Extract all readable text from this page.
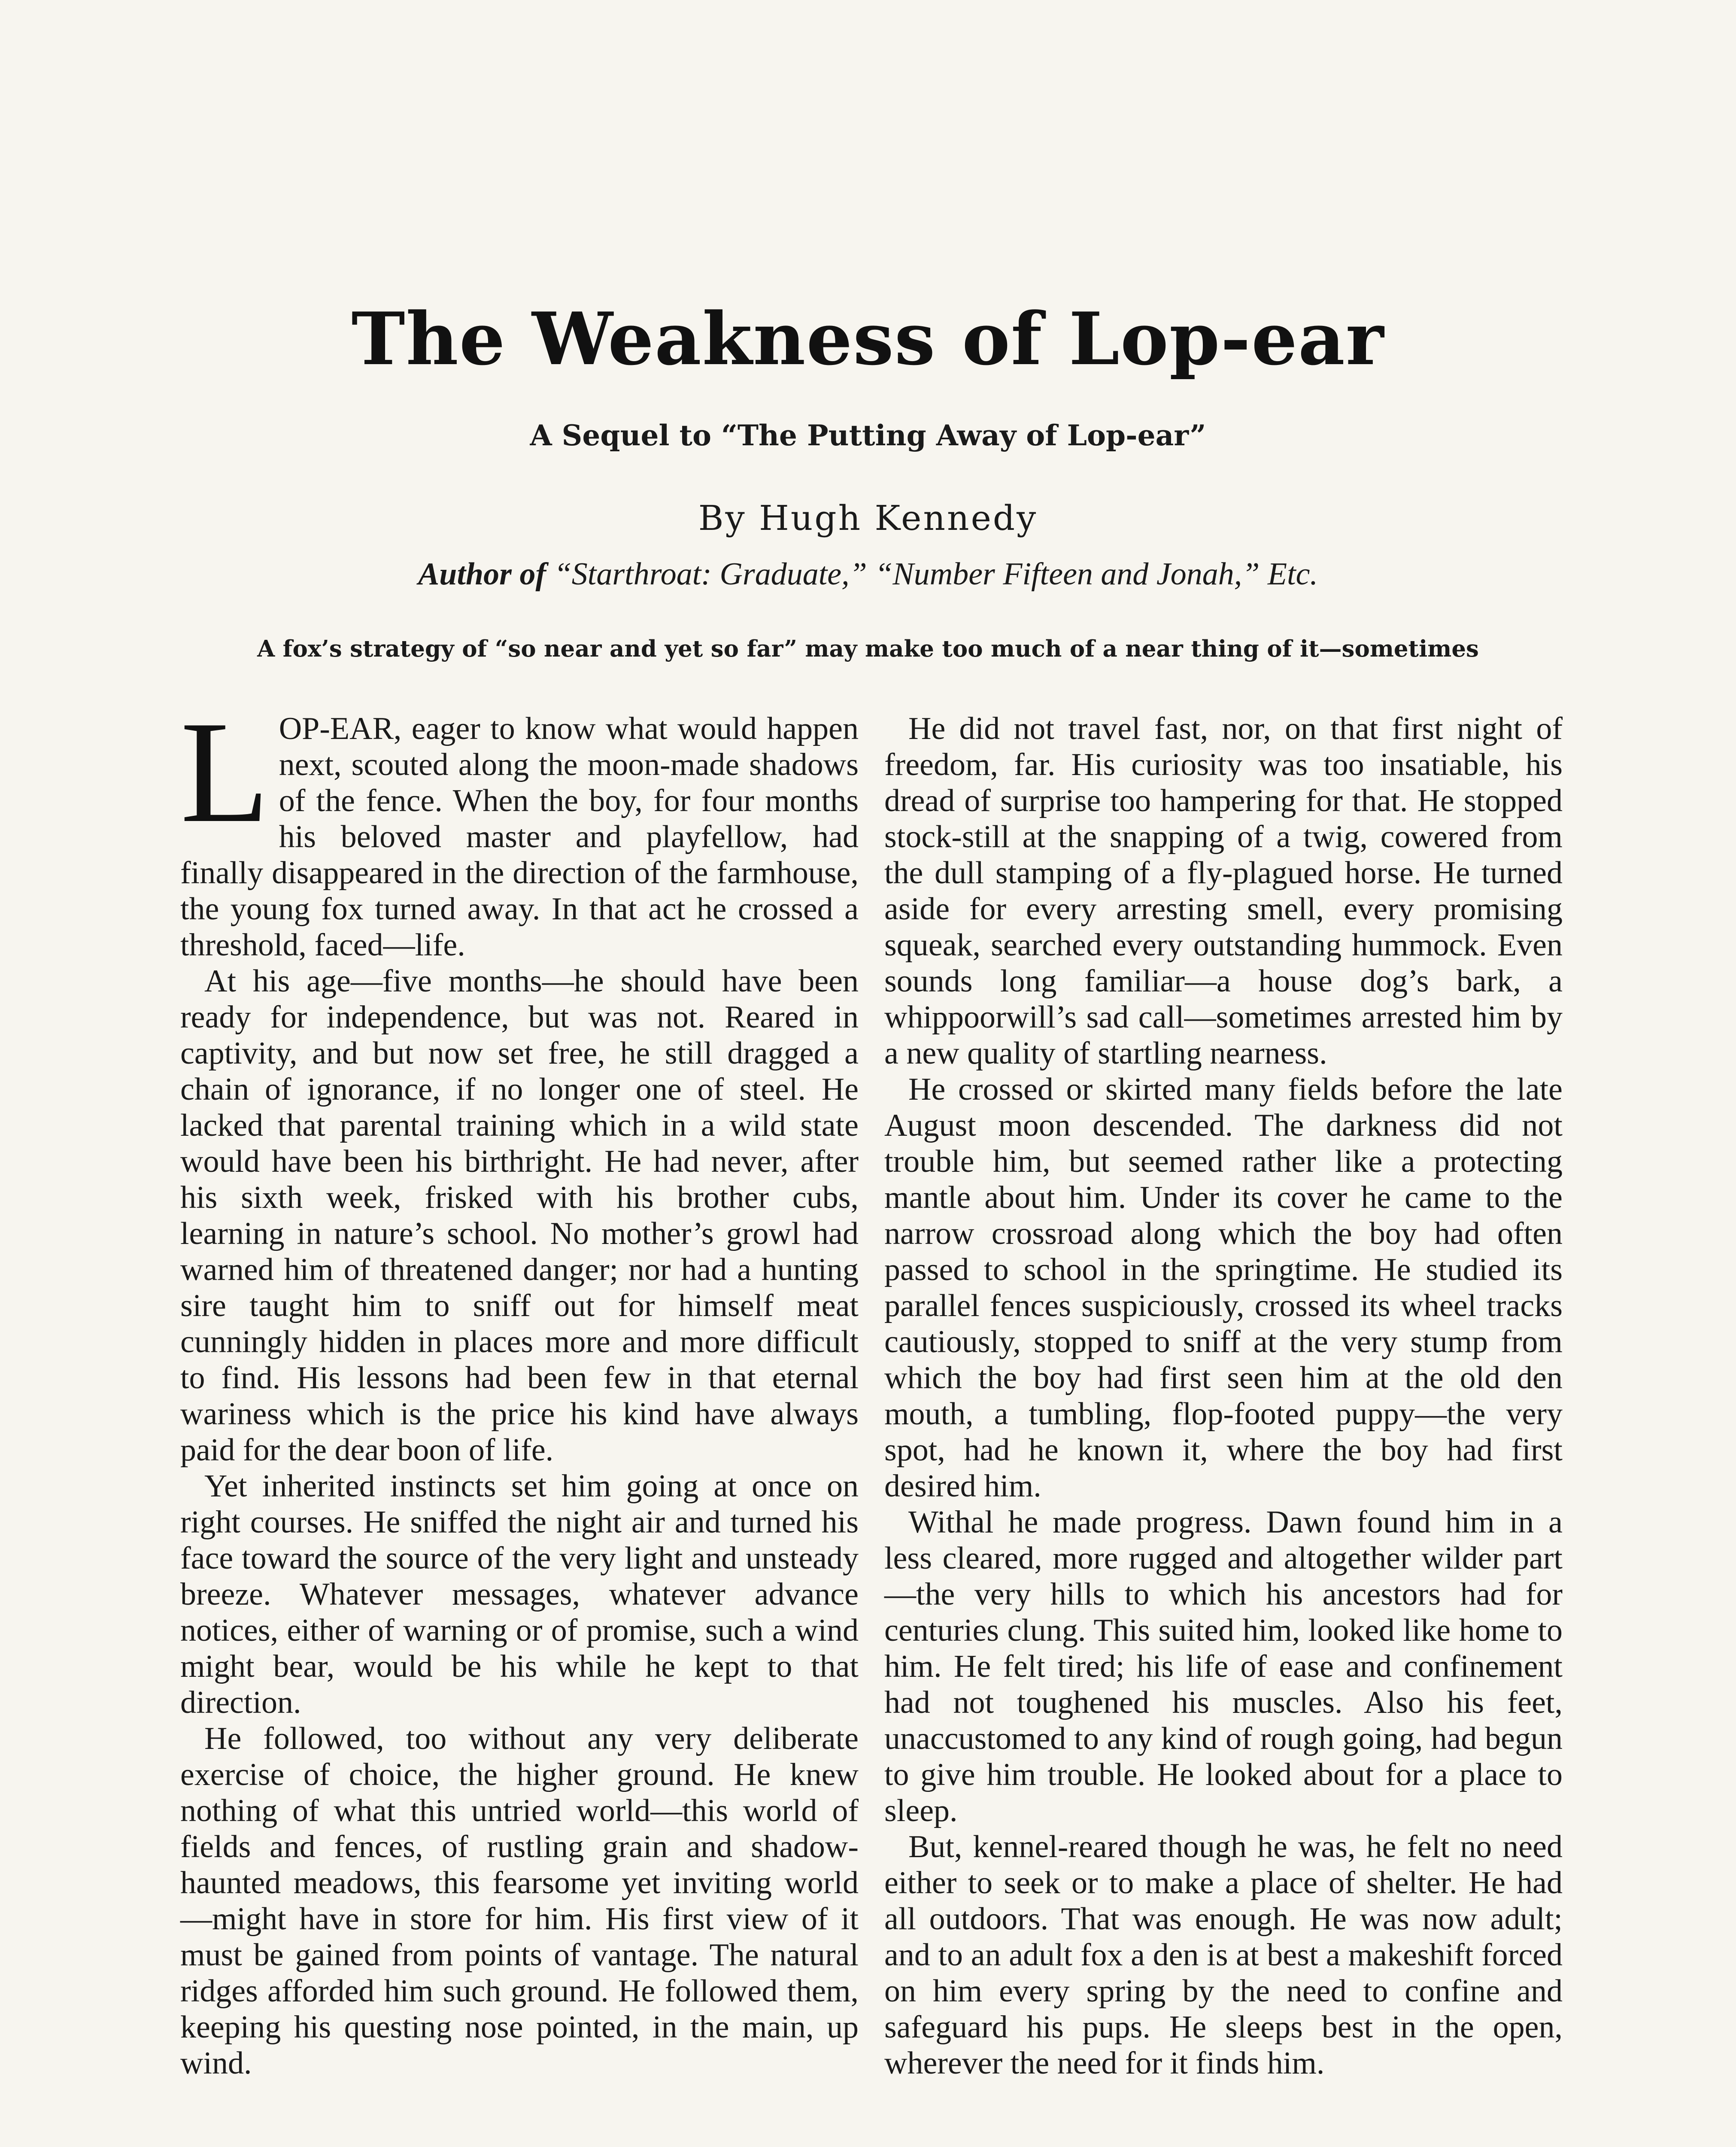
The Weakness of Lop-ear
A Sequel to “The Putting Away of Lop-ear”
By Hugh Kennedy
Author of “Starthroat: Graduate,” “Number Fifteen and Jonah,” Etc.
A fox’s strategy of “so near and yet so far” may make too much of a near thing of it—sometimes

LOP-EAR, eager to know what would happen next, scouted along the moon-made shadows of the fence. When the boy, for four months his beloved master and playfellow, had finally disappeared in the direction of the farmhouse, the young fox turned away. In that act he crossed a threshold, faced—life.

At his age—five months—he should have been ready for independence, but was not. Reared in captivity, and but now set free, he still dragged a chain of ignorance, if no longer one of steel. He lacked that parental training which in a wild state would have been his birthright. He had never, after his sixth week, frisked with his brother cubs, learning in nature’s school. No mother’s growl had warned him of threatened danger; nor had a hunting sire taught him to sniff out for himself meat cunningly hidden in places more and more difficult to find. His lessons had been few in that eternal wariness which is the price his kind have always paid for the dear boon of life.

Yet inherited instincts set him going at once on right courses. He sniffed the night air and turned his face toward the source of the very light and unsteady breeze. Whatever messages, whatever advance notices, either of warning or of promise, such a wind might bear, would be his while he kept to that direction.

He followed, too without any very deliberate exercise of choice, the higher ground. He knew nothing of what this untried world—this world of fields and fences, of rustling grain and shadow-haunted meadows, this fearsome yet inviting world—might have in store for him. His first view of it must be gained from points of vantage. The natural ridges afforded him such ground. He followed them, keeping his questing nose pointed, in the main, up wind.

He did not travel fast, nor, on that first night of freedom, far. His curiosity was too insatiable, his dread of surprise too hampering for that. He stopped stock-still at the snapping of a twig, cowered from the dull stamping of a fly-plagued horse. He turned aside for every arresting smell, every promising squeak, searched every outstanding hummock. Even sounds long familiar—a house dog’s bark, a whippoorwill’s sad call—sometimes arrested him by a new quality of startling nearness.

He crossed or skirted many fields before the late August moon descended. The darkness did not trouble him, but seemed rather like a protecting mantle about him. Under its cover he came to the narrow crossroad along which the boy had often passed to school in the springtime. He studied its parallel fences suspiciously, crossed its wheel tracks cautiously, stopped to sniff at the very stump from which the boy had first seen him at the old den mouth, a tumbling, flop-footed puppy—the very spot, had he known it, where the boy had first desired him.

Withal he made progress. Dawn found him in a less cleared, more rugged and altogether wilder part—the very hills to which his ancestors had for centuries clung. This suited him, looked like home to him. He felt tired; his life of ease and confinement had not toughened his muscles. Also his feet, unaccustomed to any kind of rough going, had begun to give him trouble. He looked about for a place to sleep.

But, kennel-reared though he was, he felt no need either to seek or to make a place of shelter. He had all outdoors. That was enough. He was now adult; and to an adult fox a den is at best a makeshift forced on him every spring by the need to confine and safeguard his pups. He sleeps best in the open, wherever the need for it finds him.
